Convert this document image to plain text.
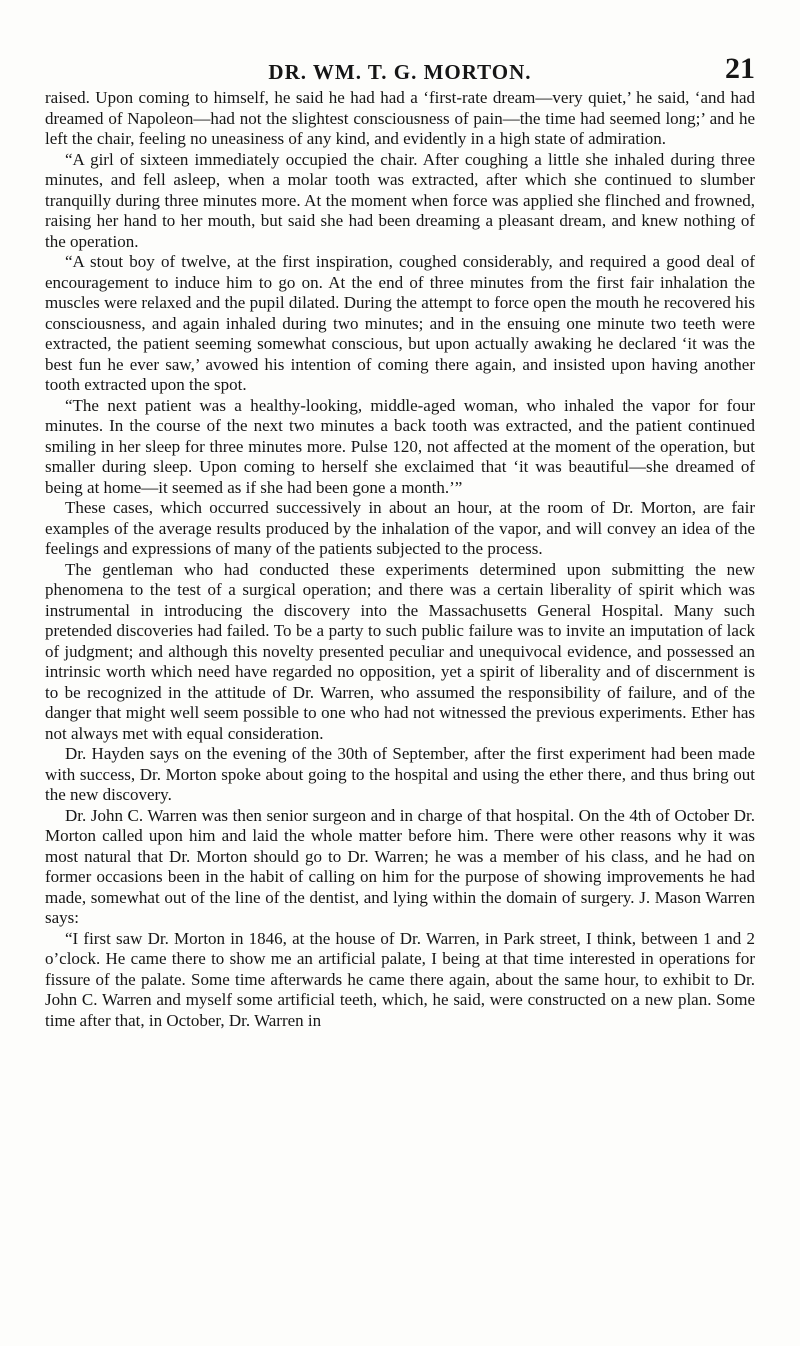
DR. WM. T. G. MORTON.	21

raised. Upon coming to himself, he said he had had a ‘first-rate dream—very quiet,’ he said, ‘and had dreamed of Napoleon—had not the slightest consciousness of pain—the time had seemed long;’ and he left the chair, feeling no uneasiness of any kind, and evidently in a high state of admiration.

“A girl of sixteen immediately occupied the chair. After coughing a little she inhaled during three minutes, and fell asleep, when a molar tooth was extracted, after which she continued to slumber tranquilly during three minutes more. At the moment when force was applied she flinched and frowned, raising her hand to her mouth, but said she had been dreaming a pleasant dream, and knew nothing of the operation.

“A stout boy of twelve, at the first inspiration, coughed considerably, and required a good deal of encouragement to induce him to go on. At the end of three minutes from the first fair inhalation the muscles were relaxed and the pupil dilated. During the attempt to force open the mouth he recovered his consciousness, and again inhaled during two minutes; and in the ensuing one minute two teeth were extracted, the patient seeming somewhat conscious, but upon actually awaking he declared ‘it was the best fun he ever saw,’ avowed his intention of coming there again, and insisted upon having another tooth extracted upon the spot.

“The next patient was a healthy-looking, middle-aged woman, who inhaled the vapor for four minutes. In the course of the next two minutes a back tooth was extracted, and the patient continued smiling in her sleep for three minutes more. Pulse 120, not affected at the moment of the operation, but smaller during sleep. Upon coming to herself she exclaimed that ‘it was beautiful—she dreamed of being at home—it seemed as if she had been gone a month.’”

These cases, which occurred successively in about an hour, at the room of Dr. Morton, are fair examples of the average results produced by the inhalation of the vapor, and will convey an idea of the feelings and expressions of many of the patients subjected to the process.

The gentleman who had conducted these experiments determined upon submitting the new phenomena to the test of a surgical operation; and there was a certain liberality of spirit which was instrumental in introducing the discovery into the Massachusetts General Hospital. Many such pretended discoveries had failed. To be a party to such public failure was to invite an imputation of lack of judgment; and although this novelty presented peculiar and unequivocal evidence, and possessed an intrinsic worth which need have regarded no opposition, yet a spirit of liberality and of discernment is to be recognized in the attitude of Dr. Warren, who assumed the responsibility of failure, and of the danger that might well seem possible to one who had not witnessed the previous experiments. Ether has not always met with equal consideration.

Dr. Hayden says on the evening of the 30th of September, after the first experiment had been made with success, Dr. Morton spoke about going to the hospital and using the ether there, and thus bring out the new discovery.

Dr. John C. Warren was then senior surgeon and in charge of that hospital. On the 4th of October Dr. Morton called upon him and laid the whole matter before him. There were other reasons why it was most natural that Dr. Morton should go to Dr. Warren; he was a member of his class, and he had on former occasions been in the habit of calling on him for the purpose of showing improvements he had made, somewhat out of the line of the dentist, and lying within the domain of surgery. J. Mason Warren says:

“I first saw Dr. Morton in 1846, at the house of Dr. Warren, in Park street, I think, between 1 and 2 o’clock. He came there to show me an artificial palate, I being at that time interested in operations for fissure of the palate. Some time afterwards he came there again, about the same hour, to exhibit to Dr. John C. Warren and myself some artificial teeth, which, he said, were constructed on a new plan. Some time after that, in October, Dr. Warren in
